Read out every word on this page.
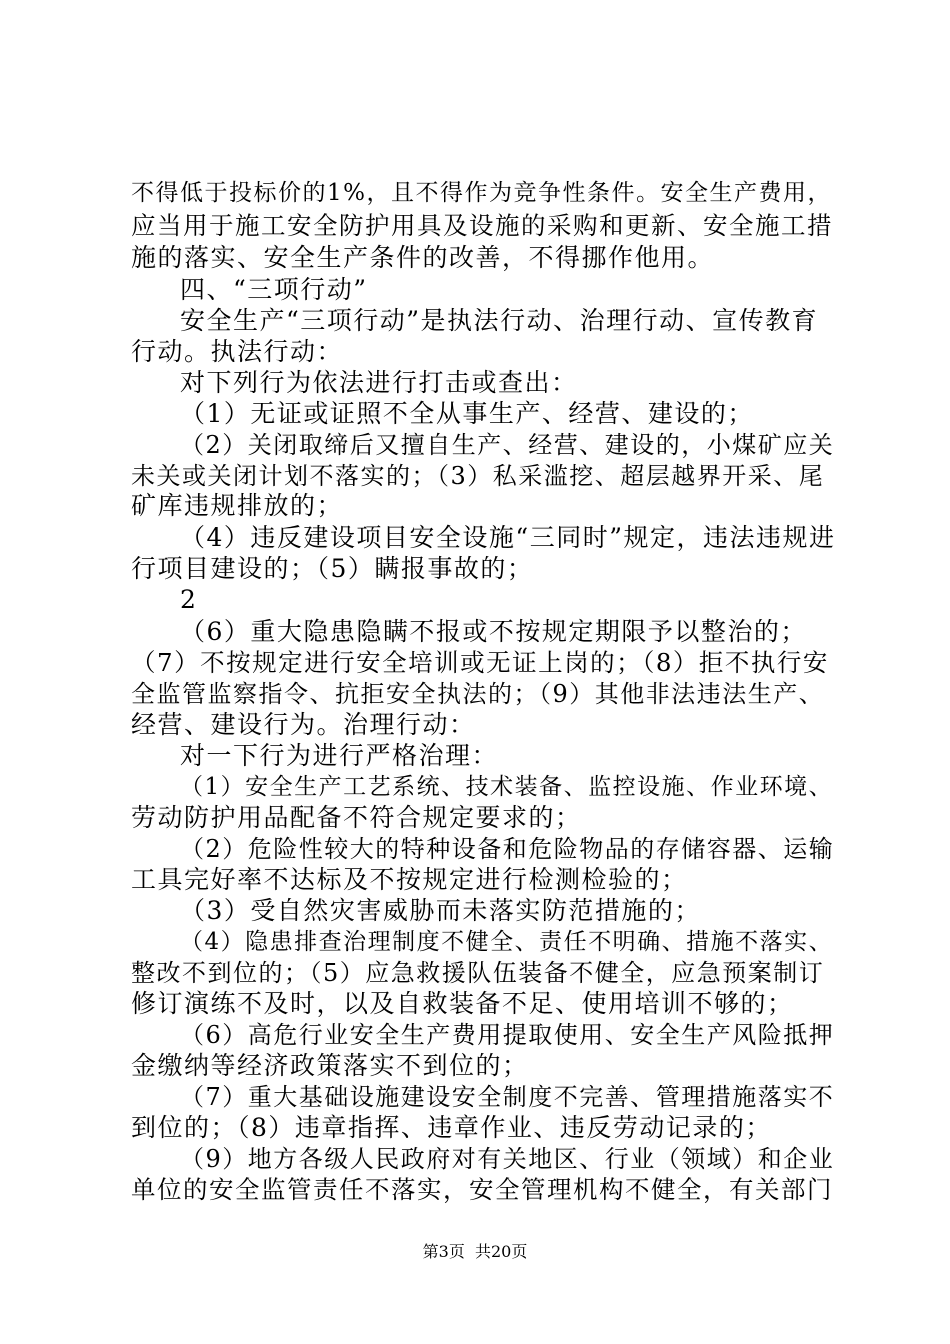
不得低于投标价的1%，且不得作为竞争性条件。安全生产费用，
应当用于施工安全防护用具及设施的采购和更新、安全施工措
施的落实、安全生产条件的改善，不得挪作他用。
四、“三项行动”
安全生产“三项行动”是执法行动、治理行动、宣传教育
行动。执法行动：
对下列行为依法进行打击或查出：
（1）无证或证照不全从事生产、经营、建设的；
（2）关闭取缔后又擅自生产、经营、建设的，小煤矿应关
未关或关闭计划不落实的；（3）私采滥挖、超层越界开采、尾
矿库违规排放的；
（4）违反建设项目安全设施“三同时”规定，违法违规进
行项目建设的；（5）瞒报事故的；
2
（6）重大隐患隐瞒不报或不按规定期限予以整治的；
（7）不按规定进行安全培训或无证上岗的；（8）拒不执行安
全监管监察指令、抗拒安全执法的；（9）其他非法违法生产、
经营、建设行为。治理行动：
对一下行为进行严格治理：
（1）安全生产工艺系统、技术装备、监控设施、作业环境、
劳动防护用品配备不符合规定要求的；
（2）危险性较大的特种设备和危险物品的存储容器、运输
工具完好率不达标及不按规定进行检测检验的；
（3）受自然灾害威胁而未落实防范措施的；
（4）隐患排查治理制度不健全、责任不明确、措施不落实、
整改不到位的；（5）应急救援队伍装备不健全，应急预案制订
修订演练不及时，以及自救装备不足、使用培训不够的；
（6）高危行业安全生产费用提取使用、安全生产风险抵押
金缴纳等经济政策落实不到位的；
（7）重大基础设施建设安全制度不完善、管理措施落实不
到位的；（8）违章指挥、违章作业、违反劳动记录的；
（9）地方各级人民政府对有关地区、行业（领域）和企业
单位的安全监管责任不落实，安全管理机构不健全，有关部门
第3页  共20页
